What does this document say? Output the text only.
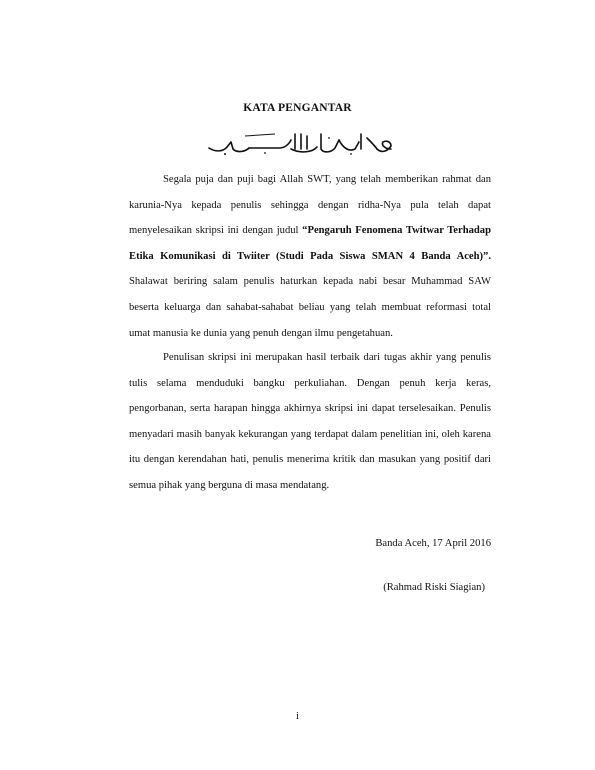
KATA PENGANTAR

Segala puja dan puji bagi Allah SWT, yang telah memberikan rahmat dan karunia-Nya kepada penulis sehingga dengan ridha-Nya pula telah dapat menyelesaikan skripsi ini dengan judul “Pengaruh Fenomena Twitwar Terhadap Etika Komunikasi di Twiiter (Studi Pada Siswa SMAN 4 Banda Aceh)”. Shalawat beriring salam penulis haturkan kepada nabi besar Muhammad SAW beserta keluarga dan sahabat-sahabat beliau yang telah membuat reformasi total umat manusia ke dunia yang penuh dengan ilmu pengetahuan.

Penulisan skripsi ini merupakan hasil terbaik dari tugas akhir yang penulis tulis selama menduduki bangku perkuliahan. Dengan penuh kerja keras, pengorbanan, serta harapan hingga akhirnya skripsi ini dapat terselesaikan. Penulis menyadari masih banyak kekurangan yang terdapat dalam penelitian ini, oleh karena itu dengan kerendahan hati, penulis menerima kritik dan masukan yang positif dari semua pihak yang berguna di masa mendatang.

Banda Aceh, 17 April 2016
(Rahmad Riski Siagian)
i
